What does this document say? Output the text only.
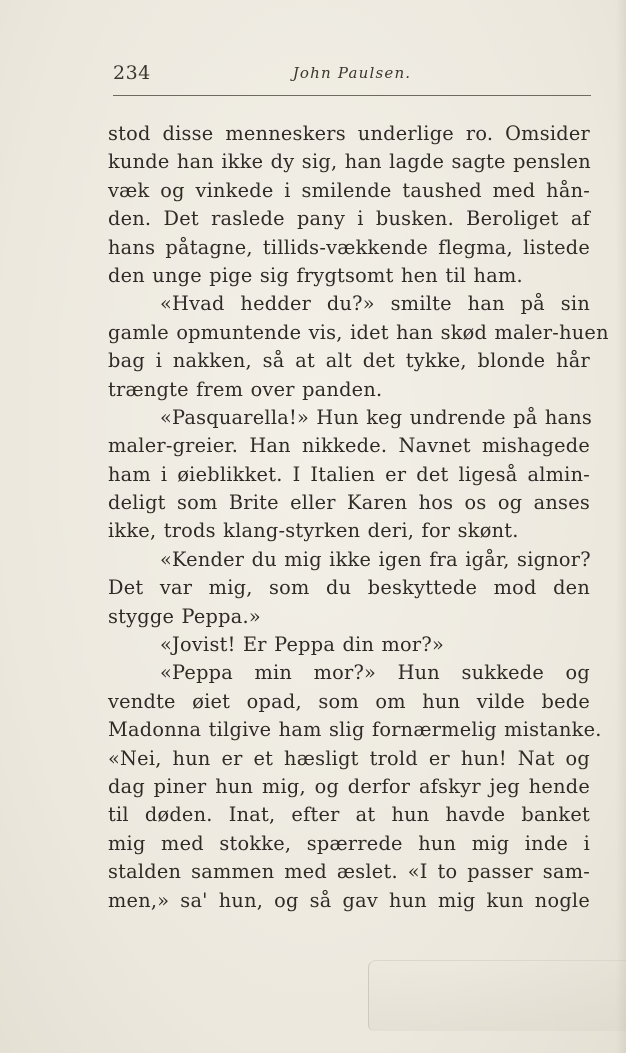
234	John Paulsen.
stod disse menneskers underlige ro. Omsider
kunde han ikke dy sig, han lagde sagte penslen
væk og vinkede i smilende taushed med hån-
den. Det raslede pany i busken. Beroliget af
hans påtagne, tillids-vækkende flegma, listede
den unge pige sig frygtsomt hen til ham.
«Hvad hedder du?» smilte han på sin
gamle opmuntende vis, idet han skød maler-huen
bag i nakken, så at alt det tykke, blonde hår
trængte frem over panden.
«Pasquarella!» Hun keg undrende på hans
maler-greier. Han nikkede. Navnet mishagede
ham i øieblikket. I Italien er det ligeså almin-
deligt som Brite eller Karen hos os og anses
ikke, trods klang-styrken deri, for skønt.
«Kender du mig ikke igen fra igår, signor?
Det var mig, som du beskyttede mod den
stygge Peppa.»
«Jovist! Er Peppa din mor?»
«Peppa min mor?» Hun sukkede og
vendte øiet opad, som om hun vilde bede
Madonna tilgive ham slig fornærmelig mistanke.
«Nei, hun er et hæsligt trold er hun! Nat og
dag piner hun mig, og derfor afskyr jeg hende
til døden. Inat, efter at hun havde banket
mig med stokke, spærrede hun mig inde i
stalden sammen med æslet. «I to passer sam-
men,» sa' hun, og så gav hun mig kun nogle
